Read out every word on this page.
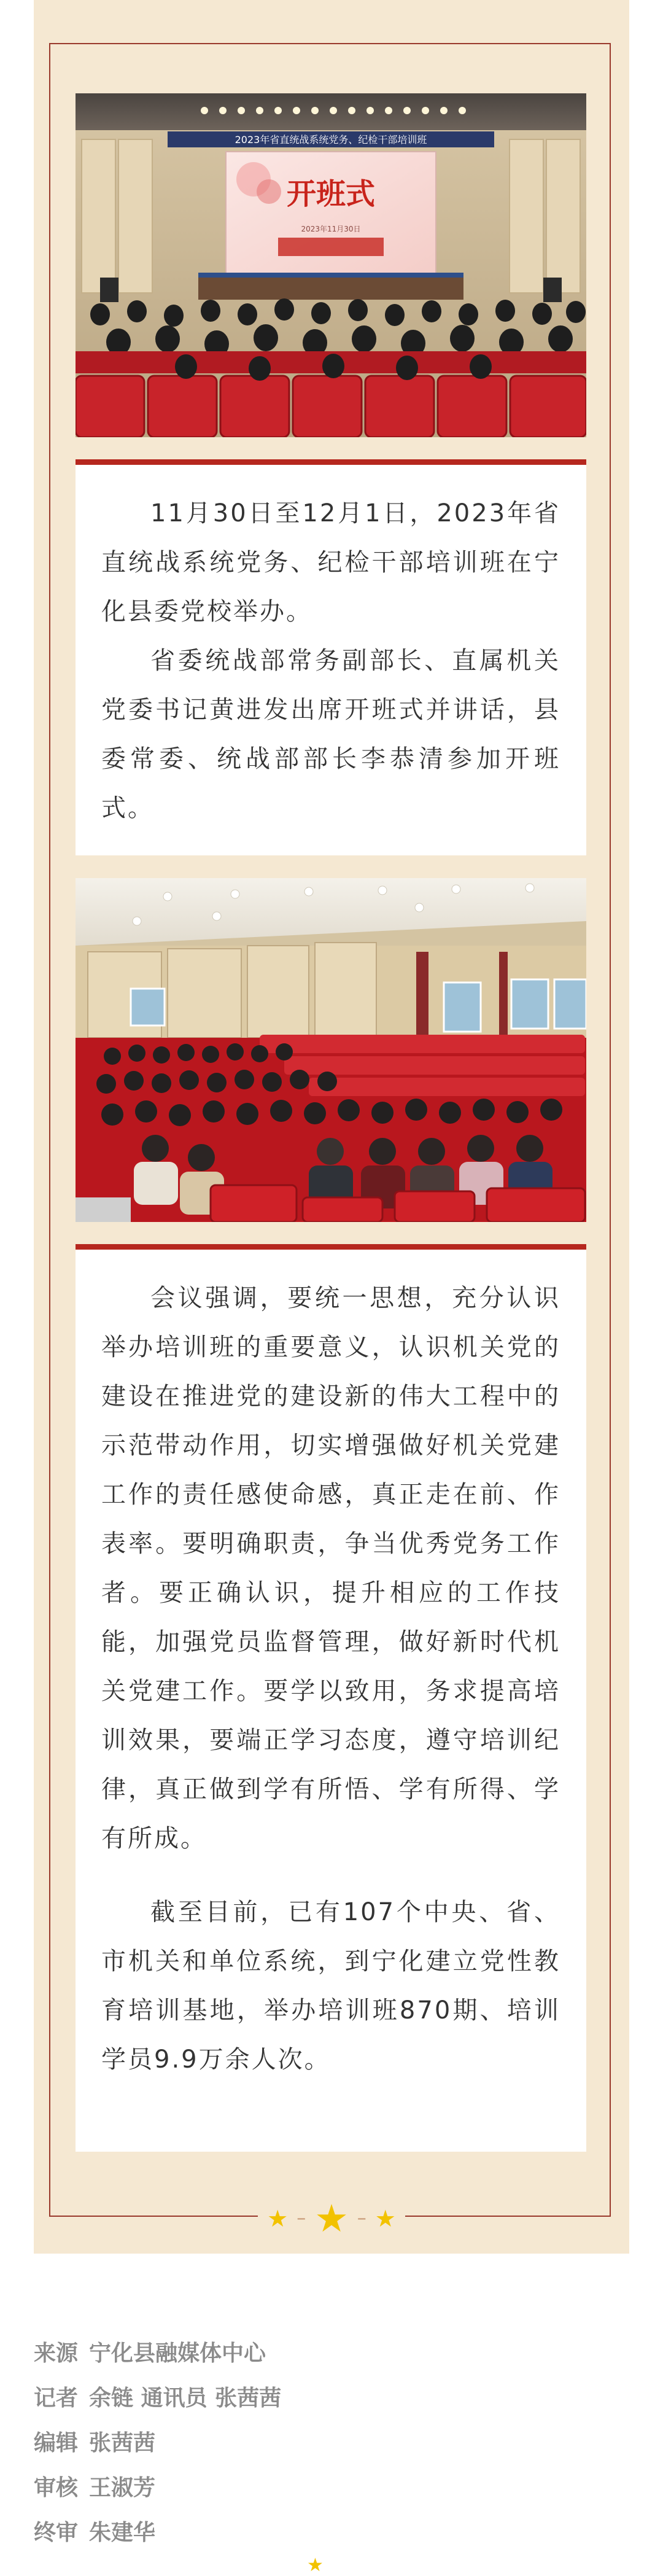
2023年省直统战系统党务、纪检干部培训班
开班式
2023年11月30日

11月30日至12月1日，2023年省直统战系统党务、纪检干部培训班在宁化县委党校举办。

省委统战部常务副部长、直属机关党委书记黄进发出席开班式并讲话，县委常委、统战部部长李恭清参加开班式。

会议强调，要统一思想，充分认识举办培训班的重要意义，认识机关党的建设在推进党的建设新的伟大工程中的示范带动作用，切实增强做好机关党建工作的责任感使命感，真正走在前、作表率。要明确职责，争当优秀党务工作者。要正确认识，提升相应的工作技能，加强党员监督管理，做好新时代机关党建工作。要学以致用，务求提高培训效果，要端正学习态度，遵守培训纪律，真正做到学有所悟、学有所得、学有所成。

截至目前，已有107个中央、省、市机关和单位系统，到宁化建立党性教育培训基地，举办培训班870期、培训学员9.9万余人次。

★ – ★ – ★
来源 宁化县融媒体中心
记者 余链 通讯员 张茜茜
编辑 张茜茜
审核 王淑芳
终审 朱建华
★
